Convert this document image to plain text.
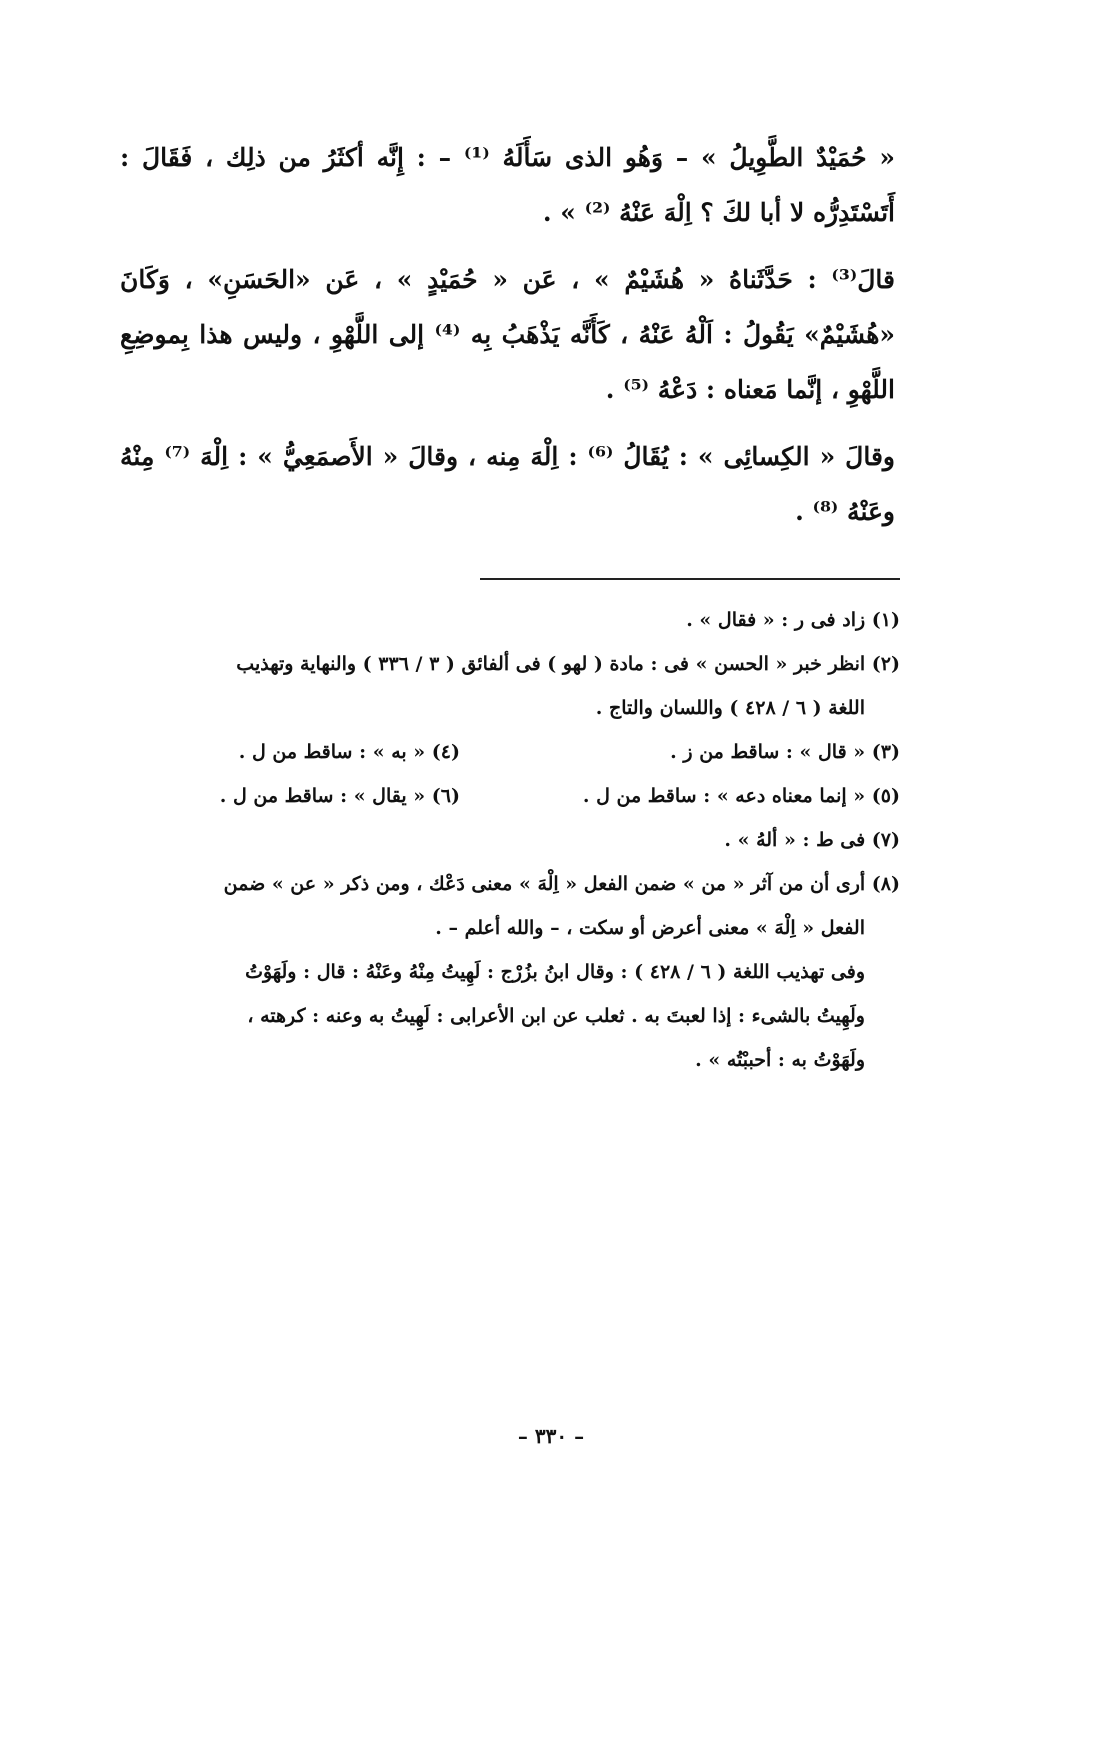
« حُمَيْدٌ الطَّوِيلُ » – وَهُو الذى سَأَلَهُ ⁽¹⁾ – : إِنَّه أكثَرُ من ذلِك ، فَقَالَ : أَتَسْتَدِرُّه لا أبا لكَ ؟ اِلْهَ عَنْهُ ⁽²⁾ » .

قالَ⁽³⁾ : حَدَّثَناهُ « هُشَيْمٌ » ، عَن « حُمَيْدٍ » ، عَن «الحَسَنِ» ، وَكَانَ «هُشَيْمٌ» يَقُولُ : اَلْهُ عَنْهُ ، كَأَنَّه يَذْهَبُ بِه ⁽⁴⁾ إلى اللَّهْوِ ، وليس هذا بِموضِعِ اللَّهْوِ ، إنَّما مَعناه : دَعْهُ ⁽⁵⁾ .

وقالَ « الكِسائِى » : يُقَالُ ⁽⁶⁾ : اِلْهَ مِنه ، وقالَ « الأَصمَعِيُّ » : اِلْهَ ⁽⁷⁾ مِنْهُ وعَنْهُ ⁽⁸⁾ .

(١) زاد فى ر : « فقال » .

(٢) انظر خبر « الحسن » فى : مادة ( لهو ) فى ألفائق ( ٣ / ٣٣٦ ) والنهاية وتهذيب

اللغة ( ٦ / ٤٢٨ ) واللسان والتاج .

(٣) « قال » : ساقط من ز .
(٤) « به » : ساقط من ل .
(٥) « إنما معناه دعه » : ساقط من ل .
(٦) « يقال » : ساقط من ل .

(٧) فى ط : « ألهُ » .

(٨) أرى أن من آثر « من » ضمن الفعل « اِلْهَ » معنى دَعْك ، ومن ذكر « عن » ضمن

الفعل « اِلْهَ » معنى أعرض أو سكت ، – والله أعلم – .

وفى تهذيب اللغة ( ٦ / ٤٢٨ ) : وقال ابنُ بزُرْج : لَهِيتُ مِنْهُ وعَنْهُ : قال : ولَهَوْتُ

ولَهِيتُ بالشىء : إذا لعبتَ به . ثعلب عن ابن الأعرابى : لَهِيتُ به وعنه : كرهته ،

ولَهَوْتُ به : أحببْتُه » .

– ٣٣٠ –
